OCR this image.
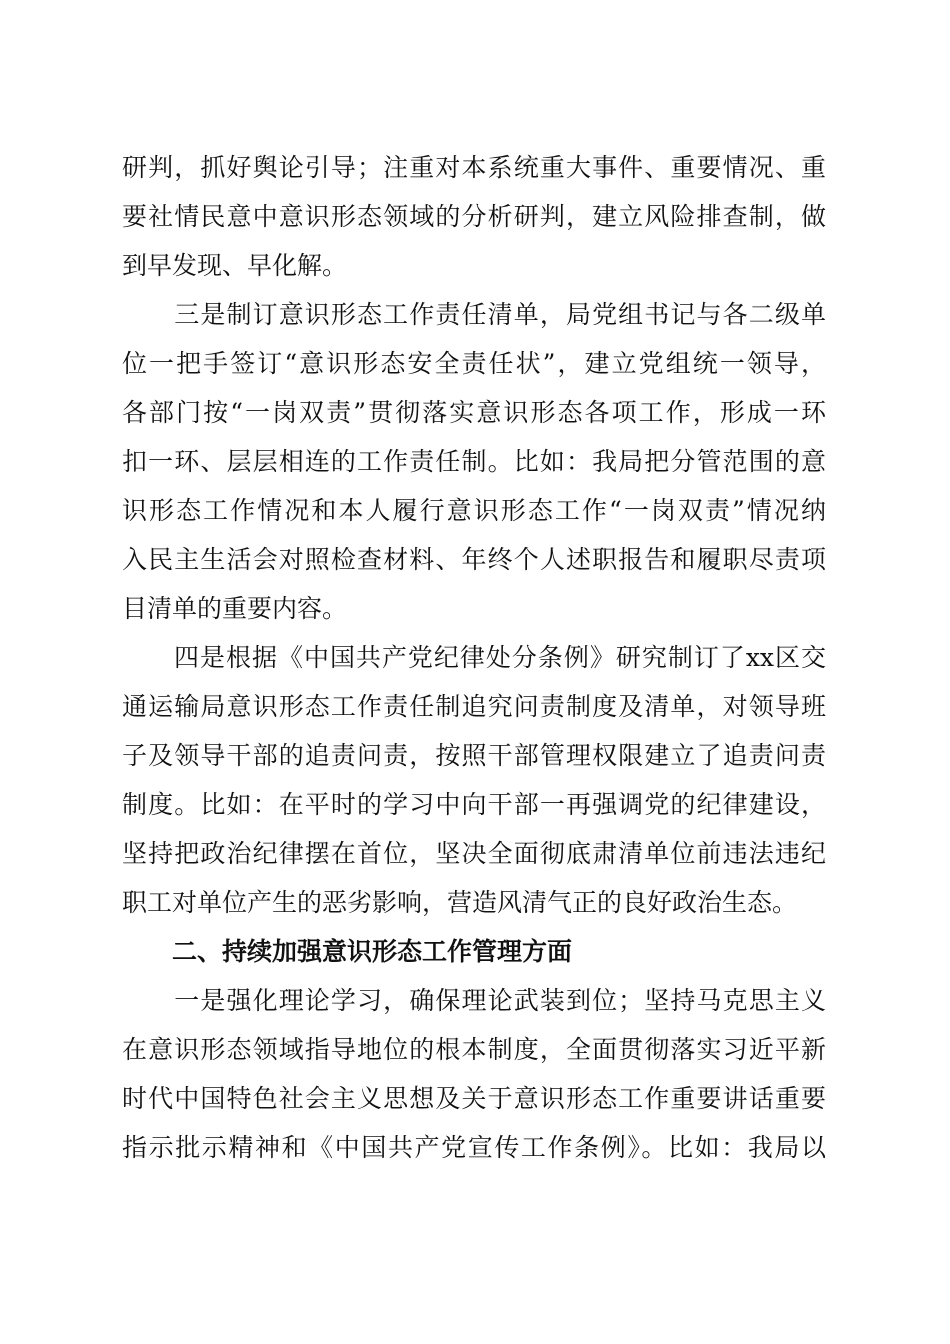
研判，抓好舆论引导；注重对本系统重大事件、重要情况、重
要社情民意中意识形态领域的分析研判，建立风险排查制，做
到早发现、早化解。
　　三是制订意识形态工作责任清单，局党组书记与各二级单
位一把手签订“意识形态安全责任状”，建立党组统一领导，
各部门按“一岗双责”贯彻落实意识形态各项工作，形成一环
扣一环、层层相连的工作责任制。比如：我局把分管范围的意
识形态工作情况和本人履行意识形态工作“一岗双责”情况纳
入民主生活会对照检查材料、年终个人述职报告和履职尽责项
目清单的重要内容。
　　四是根据《中国共产党纪律处分条例》研究制订了xx区交
通运输局意识形态工作责任制追究问责制度及清单，对领导班
子及领导干部的追责问责，按照干部管理权限建立了追责问责
制度。比如：在平时的学习中向干部一再强调党的纪律建设，
坚持把政治纪律摆在首位，坚决全面彻底肃清单位前违法违纪
职工对单位产生的恶劣影响，营造风清气正的良好政治生态。
　　二、持续加强意识形态工作管理方面
　　一是强化理论学习，确保理论武装到位；坚持马克思主义
在意识形态领域指导地位的根本制度，全面贯彻落实习近平新
时代中国特色社会主义思想及关于意识形态工作重要讲话重要
指示批示精神和《中国共产党宣传工作条例》。比如：我局以
